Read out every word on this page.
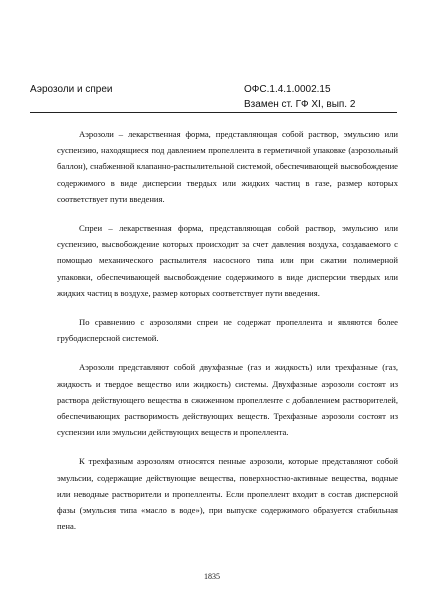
Аэрозоли и спреи	ОФС.1.4.1.0002.15
Взамен ст. ГФ XI, вып. 2

Аэрозоли – лекарственная форма, представляющая собой раствор, эмульсию или суспензию, находящиеся под давлением пропеллента в герметичной упаковке (аэрозольный баллон), снабженной клапанно-распылительной системой, обеспечивающей высвобождение содержимого в виде дисперсии твердых или жидких частиц в газе, размер которых соответствует пути введения.

Спреи – лекарственная форма, представляющая собой раствор, эмульсию или суспензию, высвобождение которых происходит за счет давления воздуха, создаваемого с помощью механического распылителя насосного типа или при сжатии полимерной упаковки, обеспечивающей высвобождение содержимого в виде дисперсии твердых или жидких частиц в воздухе, размер которых соответствует пути введения.

По сравнению с аэрозолями спреи не содержат пропеллента и являются более грубодисперсной системой.

Аэрозоли представляют собой двухфазные (газ и жидкость) или трехфазные (газ, жидкость и твердое вещество или жидкость) системы. Двухфазные аэрозоли состоят из раствора действующего вещества в сжиженном пропелленте с добавлением растворителей, обеспечивающих растворимость действующих веществ. Трехфазные аэрозоли состоят из суспензии или эмульсии действующих веществ и пропеллента.

К трехфазным аэрозолям относятся пенные аэрозоли, которые представляют собой эмульсии, содержащие действующие вещества, поверхностно-активные вещества, водные или неводные растворители и пропелленты. Если пропеллент входит в состав дисперсной фазы (эмульсия типа «масло в воде»), при выпуске содержимого образуется стабильная пена.

1835
